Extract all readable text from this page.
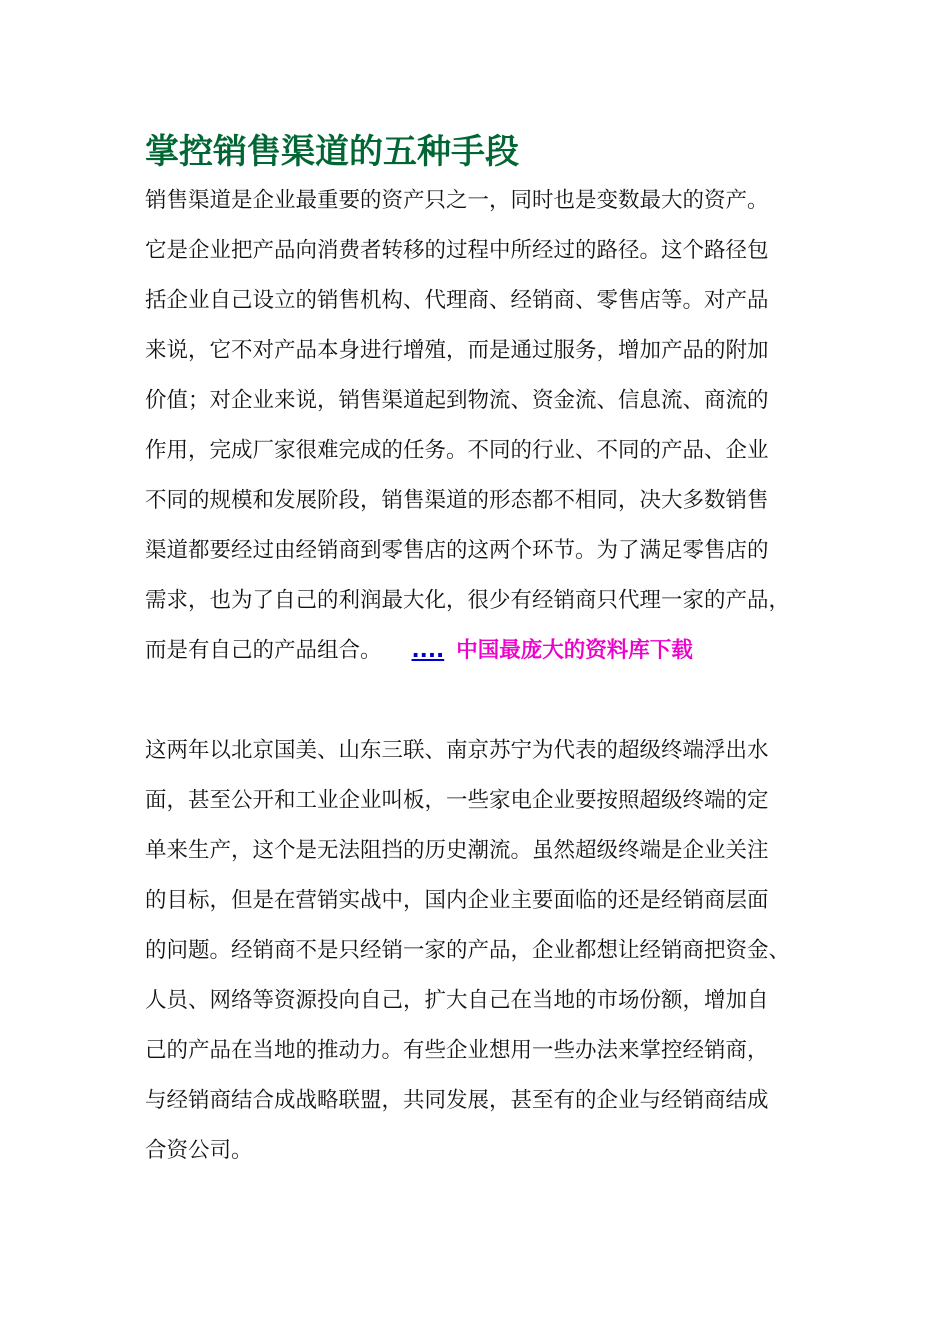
掌控销售渠道的五种手段
销售渠道是企业最重要的资产只之一，同时也是变数最大的资产。
它是企业把产品向消费者转移的过程中所经过的路径。这个路径包
括企业自己设立的销售机构、代理商、经销商、零售店等。对产品
来说，它不对产品本身进行增殖，而是通过服务，增加产品的附加
价值；对企业来说，销售渠道起到物流、资金流、信息流、商流的
作用，完成厂家很难完成的任务。不同的行业、不同的产品、企业
不同的规模和发展阶段，销售渠道的形态都不相同，决大多数销售
渠道都要经过由经销商到零售店的这两个环节。为了满足零售店的
需求，也为了自己的利润最大化，很少有经销商只代理一家的产品，
而是有自己的产品组合。 .... 中国最庞大的资料库下载
这两年以北京国美、山东三联、南京苏宁为代表的超级终端浮出水
面，甚至公开和工业企业叫板，一些家电企业要按照超级终端的定
单来生产，这个是无法阻挡的历史潮流。虽然超级终端是企业关注
的目标，但是在营销实战中，国内企业主要面临的还是经销商层面
的问题。经销商不是只经销一家的产品，企业都想让经销商把资金、
人员、网络等资源投向自己，扩大自己在当地的市场份额，增加自
己的产品在当地的推动力。有些企业想用一些办法来掌控经销商，
与经销商结合成战略联盟，共同发展，甚至有的企业与经销商结成
合资公司。
